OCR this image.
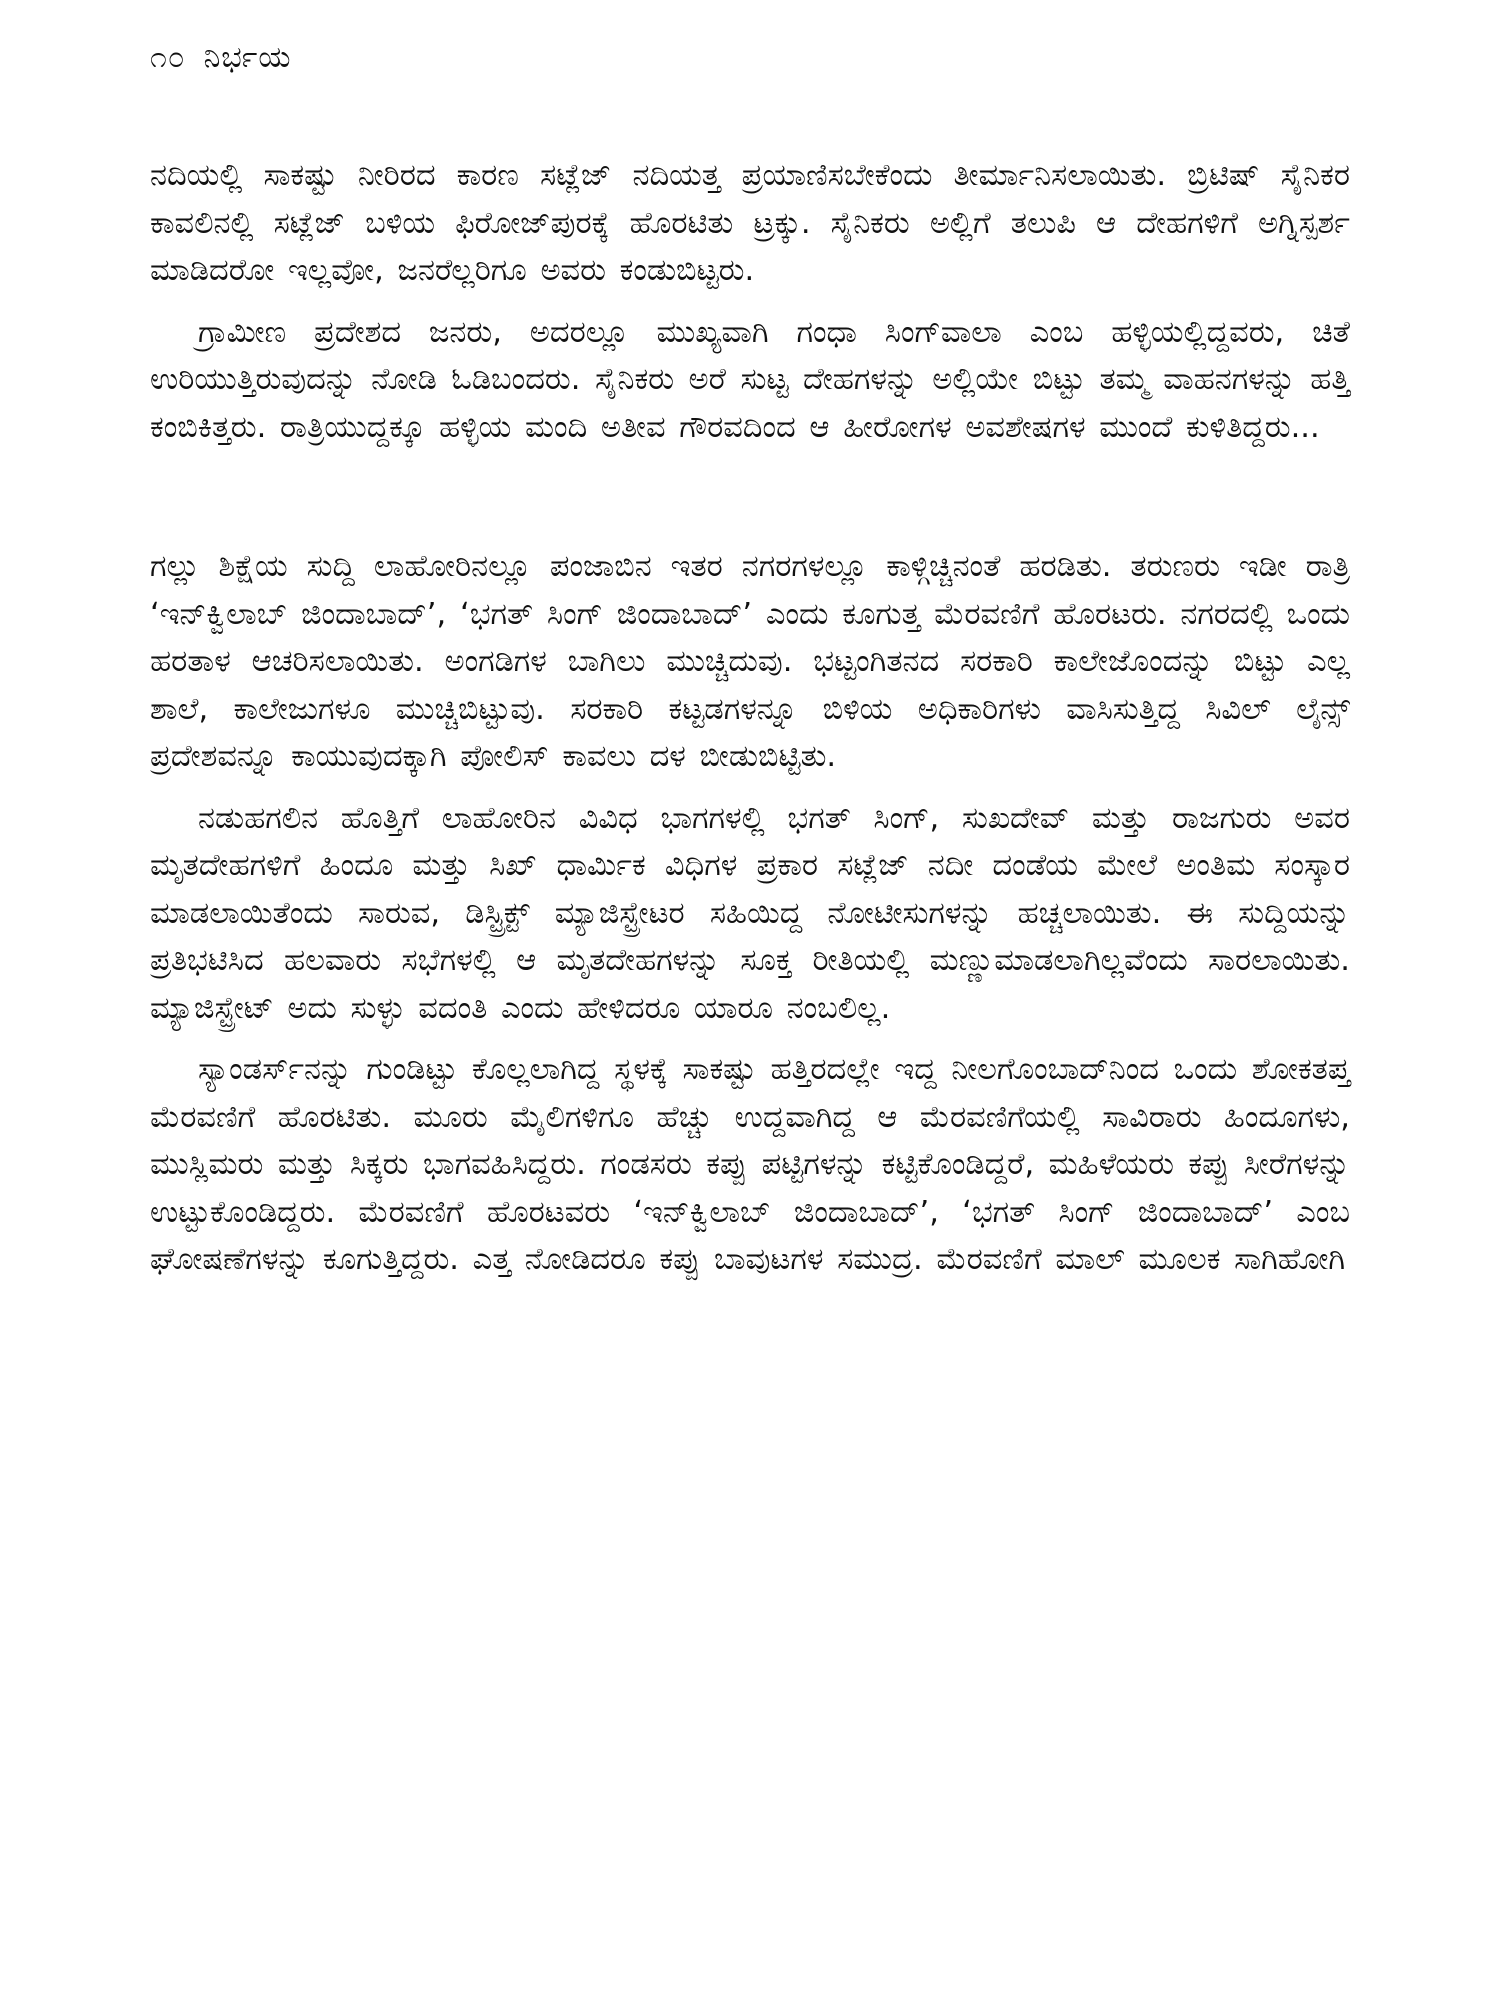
೧೦ ನಿರ್ಭಯ

ನದಿಯಲ್ಲಿ ಸಾಕಷ್ಟು ನೀರಿರದ ಕಾರಣ ಸಟ್ಲೆಜ್ ನದಿಯತ್ತ ಪ್ರಯಾಣಿಸಬೇಕೆಂದು ತೀರ್ಮಾನಿಸಲಾಯಿತು. ಬ್ರಿಟಿಷ್ ಸೈನಿಕರ ಕಾವಲಿನಲ್ಲಿ ಸಟ್ಲೆಜ್ ಬಳಿಯ ಫಿರೋಜ್‌ಪುರಕ್ಕೆ ಹೊರಟಿತು ಟ್ರಕ್ಕು. ಸೈನಿಕರು ಅಲ್ಲಿಗೆ ತಲುಪಿ ಆ ದೇಹಗಳಿಗೆ ಅಗ್ನಿಸ್ಪರ್ಶ ಮಾಡಿದರೋ ಇಲ್ಲವೋ, ಜನರೆಲ್ಲರಿಗೂ ಅವರು ಕಂಡುಬಿಟ್ಟರು.

ಗ್ರಾಮೀಣ ಪ್ರದೇಶದ ಜನರು, ಅದರಲ್ಲೂ ಮುಖ್ಯವಾಗಿ ಗಂಧಾ ಸಿಂಗ್‌ವಾಲಾ ಎಂಬ ಹಳ್ಳಿಯಲ್ಲಿದ್ದವರು, ಚಿತೆ ಉರಿಯುತ್ತಿರುವುದನ್ನು ನೋಡಿ ಓಡಿಬಂದರು. ಸೈನಿಕರು ಅರೆ ಸುಟ್ಟ ದೇಹಗಳನ್ನು ಅಲ್ಲಿಯೇ ಬಿಟ್ಟು ತಮ್ಮ ವಾಹನಗಳನ್ನು ಹತ್ತಿ ಕಂಬಿಕಿತ್ತರು. ರಾತ್ರಿಯುದ್ದಕ್ಕೂ ಹಳ್ಳಿಯ ಮಂದಿ ಅತೀವ ಗೌರವದಿಂದ ಆ ಹೀರೋಗಳ ಅವಶೇಷಗಳ ಮುಂದೆ ಕುಳಿತಿದ್ದರು...

ಗಲ್ಲು ಶಿಕ್ಷೆಯ ಸುದ್ದಿ ಲಾಹೋರಿನಲ್ಲೂ ಪಂಜಾಬಿನ ಇತರ ನಗರಗಳಲ್ಲೂ ಕಾಳ್ಗಿಚ್ಚಿನಂತೆ ಹರಡಿತು. ತರುಣರು ಇಡೀ ರಾತ್ರಿ ‘ಇನ್‌ಕ್ವಿಲಾಬ್ ಜಿಂದಾಬಾದ್’, ‘ಭಗತ್ ಸಿಂಗ್ ಜಿಂದಾಬಾದ್’ ಎಂದು ಕೂಗುತ್ತ ಮೆರವಣಿಗೆ ಹೊರಟರು. ನಗರದಲ್ಲಿ ಒಂದು ಹರತಾಳ ಆಚರಿಸಲಾಯಿತು. ಅಂಗಡಿಗಳ ಬಾಗಿಲು ಮುಚ್ಚಿದುವು. ಭಟ್ಟಂಗಿತನದ ಸರಕಾರಿ ಕಾಲೇಜೊಂದನ್ನು ಬಿಟ್ಟು ಎಲ್ಲ ಶಾಲೆ, ಕಾಲೇಜುಗಳೂ ಮುಚ್ಚಿಬಿಟ್ಟುವು. ಸರಕಾರಿ ಕಟ್ಟಡಗಳನ್ನೂ ಬಿಳಿಯ ಅಧಿಕಾರಿಗಳು ವಾಸಿಸುತ್ತಿದ್ದ ಸಿವಿಲ್ ಲೈನ್ಸ್ ಪ್ರದೇಶವನ್ನೂ ಕಾಯುವುದಕ್ಕಾಗಿ ಪೋಲಿಸ್ ಕಾವಲು ದಳ ಬೀಡುಬಿಟ್ಟಿತು.

ನಡುಹಗಲಿನ ಹೊತ್ತಿಗೆ ಲಾಹೋರಿನ ವಿವಿಧ ಭಾಗಗಳಲ್ಲಿ ಭಗತ್ ಸಿಂಗ್, ಸುಖದೇವ್ ಮತ್ತು ರಾಜಗುರು ಅವರ ಮೃತದೇಹಗಳಿಗೆ ಹಿಂದೂ ಮತ್ತು ಸಿಖ್ ಧಾರ್ಮಿಕ ವಿಧಿಗಳ ಪ್ರಕಾರ ಸಟ್ಲೆಜ್ ನದೀ ದಂಡೆಯ ಮೇಲೆ ಅಂತಿಮ ಸಂಸ್ಕಾರ ಮಾಡಲಾಯಿತೆಂದು ಸಾರುವ, ಡಿಸ್ಟ್ರಿಕ್ಟ್ ಮ್ಯಾಜಿಸ್ಟ್ರೇಟರ ಸಹಿಯಿದ್ದ ನೋಟೀಸುಗಳನ್ನು ಹಚ್ಚಲಾಯಿತು. ಈ ಸುದ್ದಿಯನ್ನು ಪ್ರತಿಭಟಿಸಿದ ಹಲವಾರು ಸಭೆಗಳಲ್ಲಿ ಆ ಮೃತದೇಹಗಳನ್ನು ಸೂಕ್ತ ರೀತಿಯಲ್ಲಿ ಮಣ್ಣುಮಾಡಲಾಗಿಲ್ಲವೆಂದು ಸಾರಲಾಯಿತು. ಮ್ಯಾಜಿಸ್ಟ್ರೇಟ್ ಅದು ಸುಳ್ಳು ವದಂತಿ ಎಂದು ಹೇಳಿದರೂ ಯಾರೂ ನಂಬಲಿಲ್ಲ.

ಸ್ಯಾಂಡರ್ಸ್‌ನನ್ನು ಗುಂಡಿಟ್ಟು ಕೊಲ್ಲಲಾಗಿದ್ದ ಸ್ಥಳಕ್ಕೆ ಸಾಕಷ್ಟು ಹತ್ತಿರದಲ್ಲೇ ಇದ್ದ ನೀಲಗೊಂಬಾದ್‌ನಿಂದ ಒಂದು ಶೋಕತಪ್ತ ಮೆರವಣಿಗೆ ಹೊರಟಿತು. ಮೂರು ಮೈಲಿಗಳಿಗೂ ಹೆಚ್ಚು ಉದ್ದವಾಗಿದ್ದ ಆ ಮೆರವಣಿಗೆಯಲ್ಲಿ ಸಾವಿರಾರು ಹಿಂದೂಗಳು, ಮುಸ್ಲಿಮರು ಮತ್ತು ಸಿಕ್ಕರು ಭಾಗವಹಿಸಿದ್ದರು. ಗಂಡಸರು ಕಪ್ಪು ಪಟ್ಟಿಗಳನ್ನು ಕಟ್ಟಿಕೊಂಡಿದ್ದರೆ, ಮಹಿಳೆಯರು ಕಪ್ಪು ಸೀರೆಗಳನ್ನು ಉಟ್ಟುಕೊಂಡಿದ್ದರು. ಮೆರವಣಿಗೆ ಹೊರಟವರು ‘ಇನ್‌ಕ್ವಿಲಾಬ್ ಜಿಂದಾಬಾದ್’, ‘ಭಗತ್ ಸಿಂಗ್ ಜಿಂದಾಬಾದ್’ ಎಂಬ ಘೋಷಣೆಗಳನ್ನು ಕೂಗುತ್ತಿದ್ದರು. ಎತ್ತ ನೋಡಿದರೂ ಕಪ್ಪು ಬಾವುಟಗಳ ಸಮುದ್ರ. ಮೆರವಣಿಗೆ ಮಾಲ್ ಮೂಲಕ ಸಾಗಿಹೋಗಿ
